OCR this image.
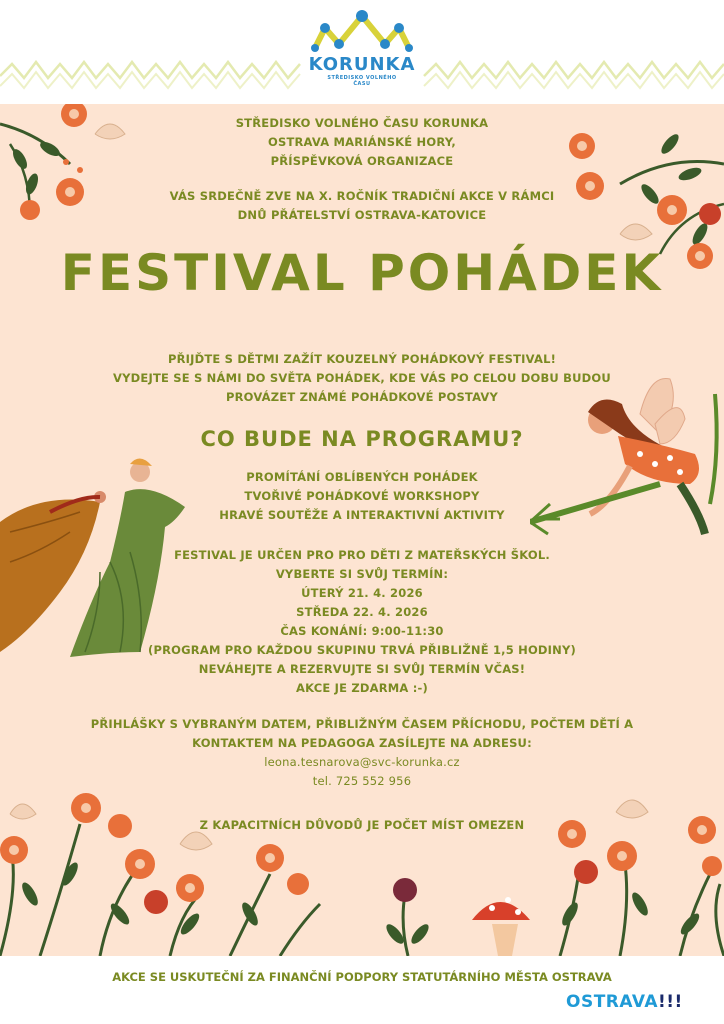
KORUNKA
STŘEDISKO VOLNÉHO
ČASU
STŘEDISKO VOLNÉHO ČASU KORUNKA
OSTRAVA MARIÁNSKÉ HORY,
PŘÍSPĚVKOVÁ ORGANIZACE
VÁS SRDEČNĚ ZVE NA X. ROČNÍK TRADIČNÍ AKCE V RÁMCI
DNŮ PŘÁTELSTVÍ OSTRAVA-KATOVICE
FESTIVAL POHÁDEK
PŘIJĎTE S DĚTMI ZAŽÍT KOUZELNÝ POHÁDKOVÝ FESTIVAL!
VYDEJTE SE S NÁMI DO SVĚTA POHÁDEK, KDE VÁS PO CELOU DOBU BUDOU
PROVÁZET ZNÁMÉ POHÁDKOVÉ POSTAVY
CO BUDE NA PROGRAMU?
PROMÍTÁNÍ OBLÍBENÝCH POHÁDEK
TVOŘIVÉ POHÁDKOVÉ WORKSHOPY
HRAVÉ SOUTĚŽE A INTERAKTIVNÍ AKTIVITY
FESTIVAL JE URČEN PRO PRO DĚTI Z MATEŘSKÝCH ŠKOL.
VYBERTE SI SVŮJ TERMÍN:
ÚTERÝ 21. 4. 2026
STŘEDA 22. 4. 2026
ČAS KONÁNÍ: 9:00-11:30
(PROGRAM PRO KAŽDOU SKUPINU TRVÁ PŘIBLIŽNĚ 1,5 HODINY)
NEVÁHEJTE A REZERVUJTE SI SVŮJ TERMÍN VČAS!
AKCE JE ZDARMA :-)
PŘIHLÁŠKY S VYBRANÝM DATEM, PŘIBLIŽNÝM ČASEM PŘÍCHODU, POČTEM DĚTÍ A
KONTAKTEM NA PEDAGOGA ZASÍLEJTE NA ADRESU:
leona.tesnarova@svc-korunka.cz
tel. 725 552 956
Z KAPACITNÍCH DŮVODŮ JE POČET MÍST OMEZEN
AKCE SE USKUTEČNÍ ZA FINANČNÍ PODPORY STATUTÁRNÍHO MĚSTA OSTRAVA
OSTRAVA!!!
